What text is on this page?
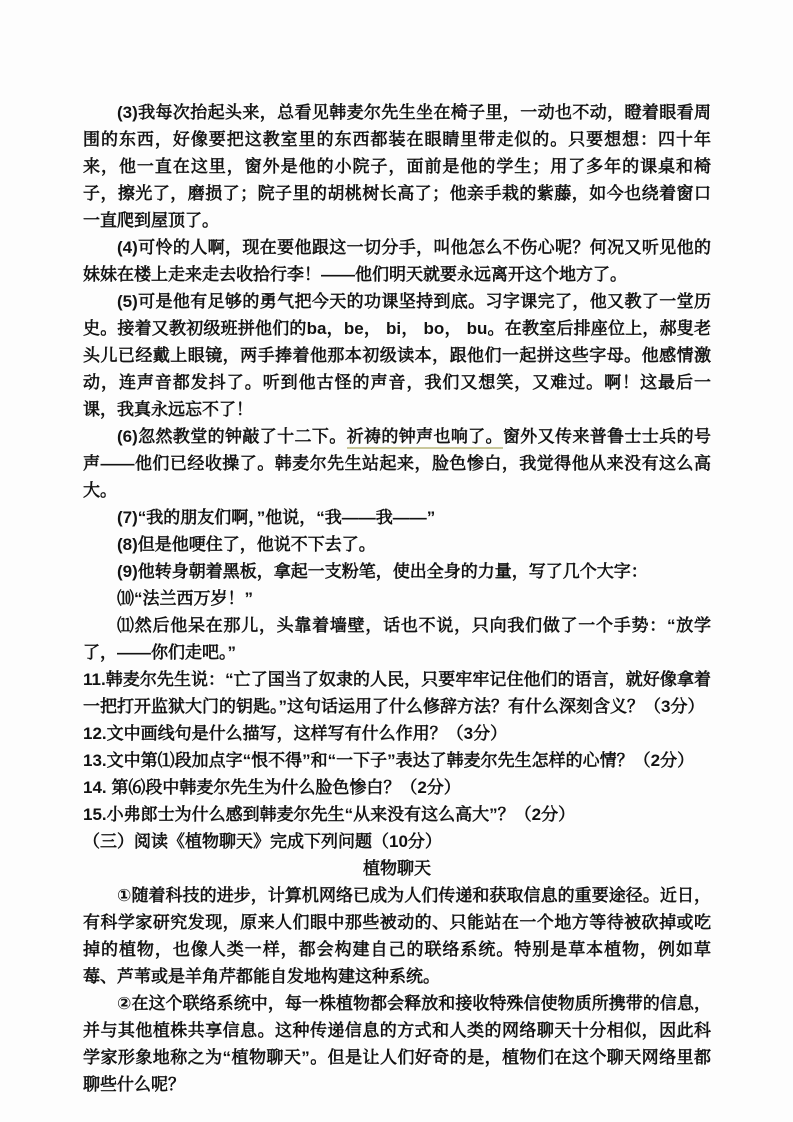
(3)我每次抬起头来，总看见韩麦尔先生坐在椅子里，一动也不动，瞪着眼看周围的东西，好像要把这教室里的东西都装在眼睛里带走似的。只要想想：四十年来，他一直在这里，窗外是他的小院子，面前是他的学生；用了多年的课桌和椅子，擦光了，磨损了；院子里的胡桃树长高了；他亲手栽的紫藤，如今也绕着窗口一直爬到屋顶了。

(4)可怜的人啊，现在要他跟这一切分手，叫他怎么不伤心呢？何况又听见他的妹妹在楼上走来走去收拾行李！——他们明天就要永远离开这个地方了。

(5)可是他有足够的勇气把今天的功课坚持到底。习字课完了，他又教了一堂历史。接着又教初级班拼他们的ba，be， bi， bo， bu。在教室后排座位上，郝叟老头儿已经戴上眼镜，两手捧着他那本初级读本，跟他们一起拼这些字母。他感情激动，连声音都发抖了。听到他古怪的声音，我们又想笑，又难过。啊！这最后一课，我真永远忘不了！

(6)忽然教堂的钟敲了十二下。祈祷的钟声也响了。窗外又传来普鲁士士兵的号声——他们已经收操了。韩麦尔先生站起来，脸色惨白，我觉得他从来没有这么高大。

(7)“我的朋友们啊，”他说，“我——我——”

(8)但是他哽住了，他说不下去了。

(9)他转身朝着黑板，拿起一支粉笔，使出全身的力量，写了几个大字：

⑽“法兰西万岁！”

⑾然后他呆在那儿，头靠着墙壁，话也不说，只向我们做了一个手势：“放学了，——你们走吧。”

11.韩麦尔先生说：“亡了国当了奴隶的人民，只要牢牢记住他们的语言，就好像拿着一把打开监狱大门的钥匙。”这句话运用了什么修辞方法？有什么深刻含义？（3分）

12.文中画线句是什么描写，这样写有什么作用？（3分）

13.文中第⑴段加点字“恨不得”和“一下子”表达了韩麦尔先生怎样的心情？（2分）

14. 第⑹段中韩麦尔先生为什么脸色惨白？（2分）

15.小弗郎士为什么感到韩麦尔先生“从来没有这么高大”？（2分）

（三）阅读《植物聊天》完成下列问题（10分）

植物聊天

①随着科技的进步，计算机网络已成为人们传递和获取信息的重要途径。近日，有科学家研究发现，原来人们眼中那些被动的、只能站在一个地方等待被砍掉或吃掉的植物，也像人类一样，都会构建自己的联络系统。特别是草本植物，例如草莓、芦苇或是羊角芹都能自发地构建这种系统。

②在这个联络系统中，每一株植物都会释放和接收特殊信使物质所携带的信息，并与其他植株共享信息。这种传递信息的方式和人类的网络聊天十分相似，因此科学家形象地称之为“植物聊天”。但是让人们好奇的是，植物们在这个聊天网络里都聊些什么呢？
